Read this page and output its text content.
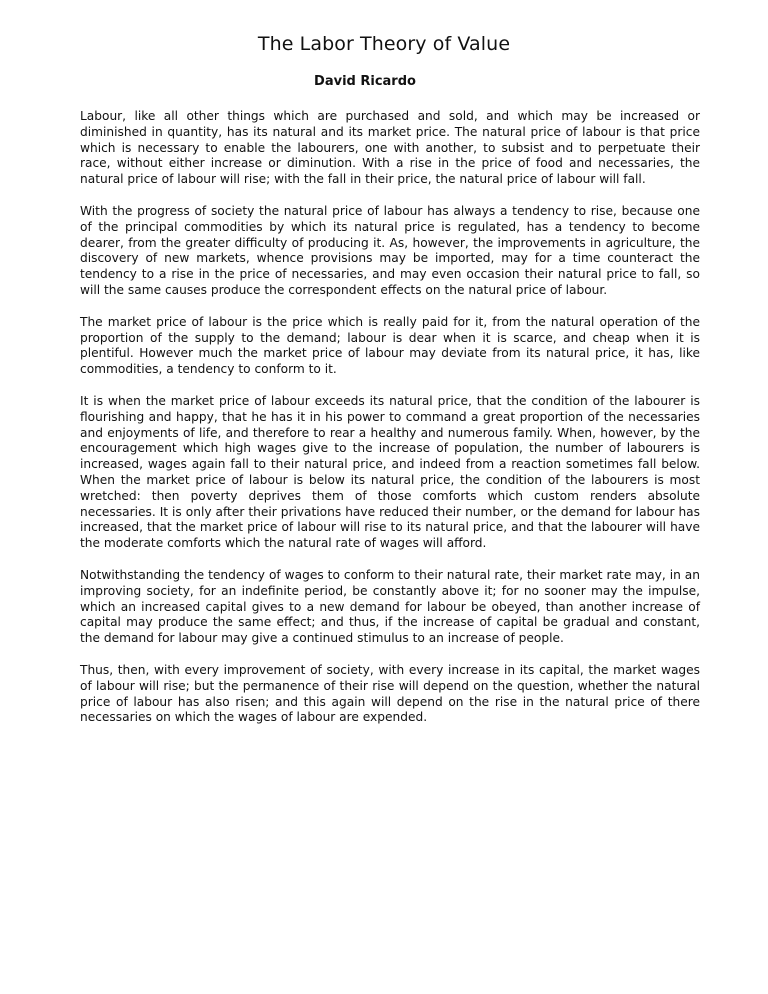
The Labor Theory of Value
David Ricardo

Labour, like all other things which are purchased and sold, and which may be increased or diminished in quantity, has its natural and its market price. The natural price of labour is that price which is necessary to enable the labourers, one with another, to subsist and to perpetuate their race, without either increase or diminution. With a rise in the price of food and necessaries, the natural price of labour will rise; with the fall in their price, the natural price of labour will fall.

With the progress of society the natural price of labour has always a tendency to rise, because one of the principal commodities by which its natural price is regulated, has a tendency to become dearer, from the greater difficulty of producing it. As, however, the improvements in agriculture, the discovery of new markets, whence provisions may be imported, may for a time counteract the tendency to a rise in the price of necessaries, and may even occasion their natural price to fall, so will the same causes produce the correspondent effects on the natural price of labour.

The market price of labour is the price which is really paid for it, from the natural operation of the proportion of the supply to the demand; labour is dear when it is scarce, and cheap when it is plentiful. However much the market price of labour may deviate from its natural price, it has, like commodities, a tendency to conform to it.

It is when the market price of labour exceeds its natural price, that the condition of the labourer is flourishing and happy, that he has it in his power to command a great proportion of the necessaries and enjoyments of life, and therefore to rear a healthy and numerous family. When, however, by the encouragement which high wages give to the increase of population, the number of labourers is increased, wages again fall to their natural price, and indeed from a reaction sometimes fall below. When the market price of labour is below its natural price, the condition of the labourers is most wretched: then poverty deprives them of those comforts which custom renders absolute necessaries. It is only after their privations have reduced their number, or the demand for labour has increased, that the market price of labour will rise to its natural price, and that the labourer will have the moderate comforts which the natural rate of wages will afford.

Notwithstanding the tendency of wages to conform to their natural rate, their market rate may, in an improving society, for an indefinite period, be constantly above it; for no sooner may the impulse, which an increased capital gives to a new demand for labour be obeyed, than another increase of capital may produce the same effect; and thus, if the increase of capital be gradual and constant, the demand for labour may give a continued stimulus to an increase of people.

Thus, then, with every improvement of society, with every increase in its capital, the market wages of labour will rise; but the permanence of their rise will depend on the question, whether the natural price of labour has also risen; and this again will depend on the rise in the natural price of there necessaries on which the wages of labour are expended.
